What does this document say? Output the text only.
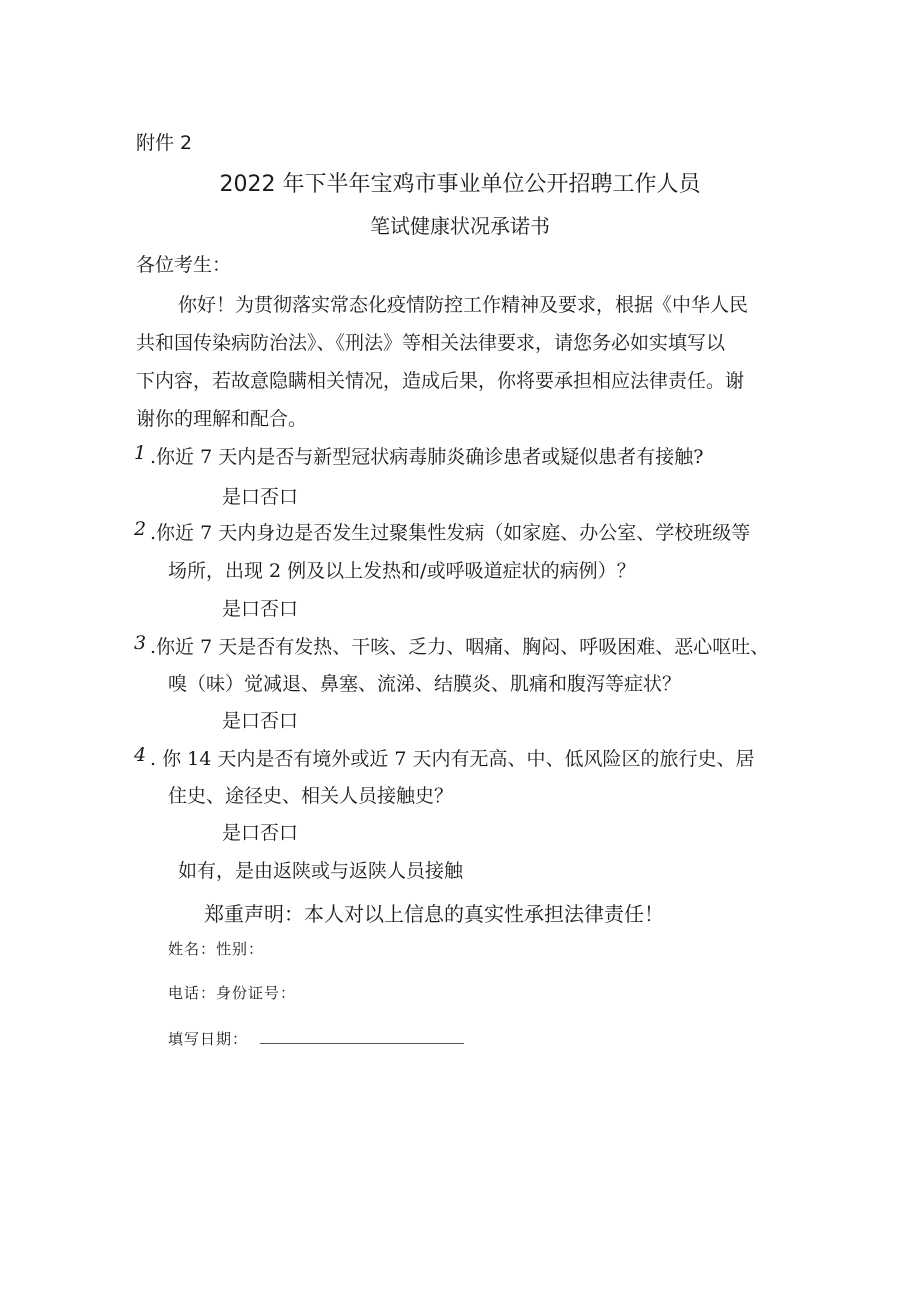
附件 2
2022 年下半年宝鸡市事业单位公开招聘工作人员
笔试健康状况承诺书
各位考生：
你好！为贯彻落实常态化疫情防控工作精神及要求，根据《中华人民
共和国传染病防治法》、《刑法》等相关法律要求，请您务必如实填写以
下内容，若故意隐瞒相关情况，造成后果，你将要承担相应法律责任。谢
谢你的理解和配合。
1 .你近 7 天内是否与新型冠状病毒肺炎确诊患者或疑似患者有接触?
是口否口
2 .你近 7 天内身边是否发生过聚集性发病（如家庭、办公室、学校班级等
场所，出现 2 例及以上发热和/或呼吸道症状的病例）？
是口否口
3 .你近 7 天是否有发热、干咳、乏力、咽痛、胸闷、呼吸困难、恶心呕吐、
嗅（味）觉减退、鼻塞、流涕、结膜炎、肌痛和腹泻等症状？
是口否口
4 . 你 14 天内是否有境外或近 7 天内有无高、中、低风险区的旅行史、居
住史、途径史、相关人员接触史？
是口否口
如有，是由返陕或与返陕人员接触
郑重声明：本人对以上信息的真实性承担法律责任！
姓名：性别：
电话：身份证号：
填写日期：
